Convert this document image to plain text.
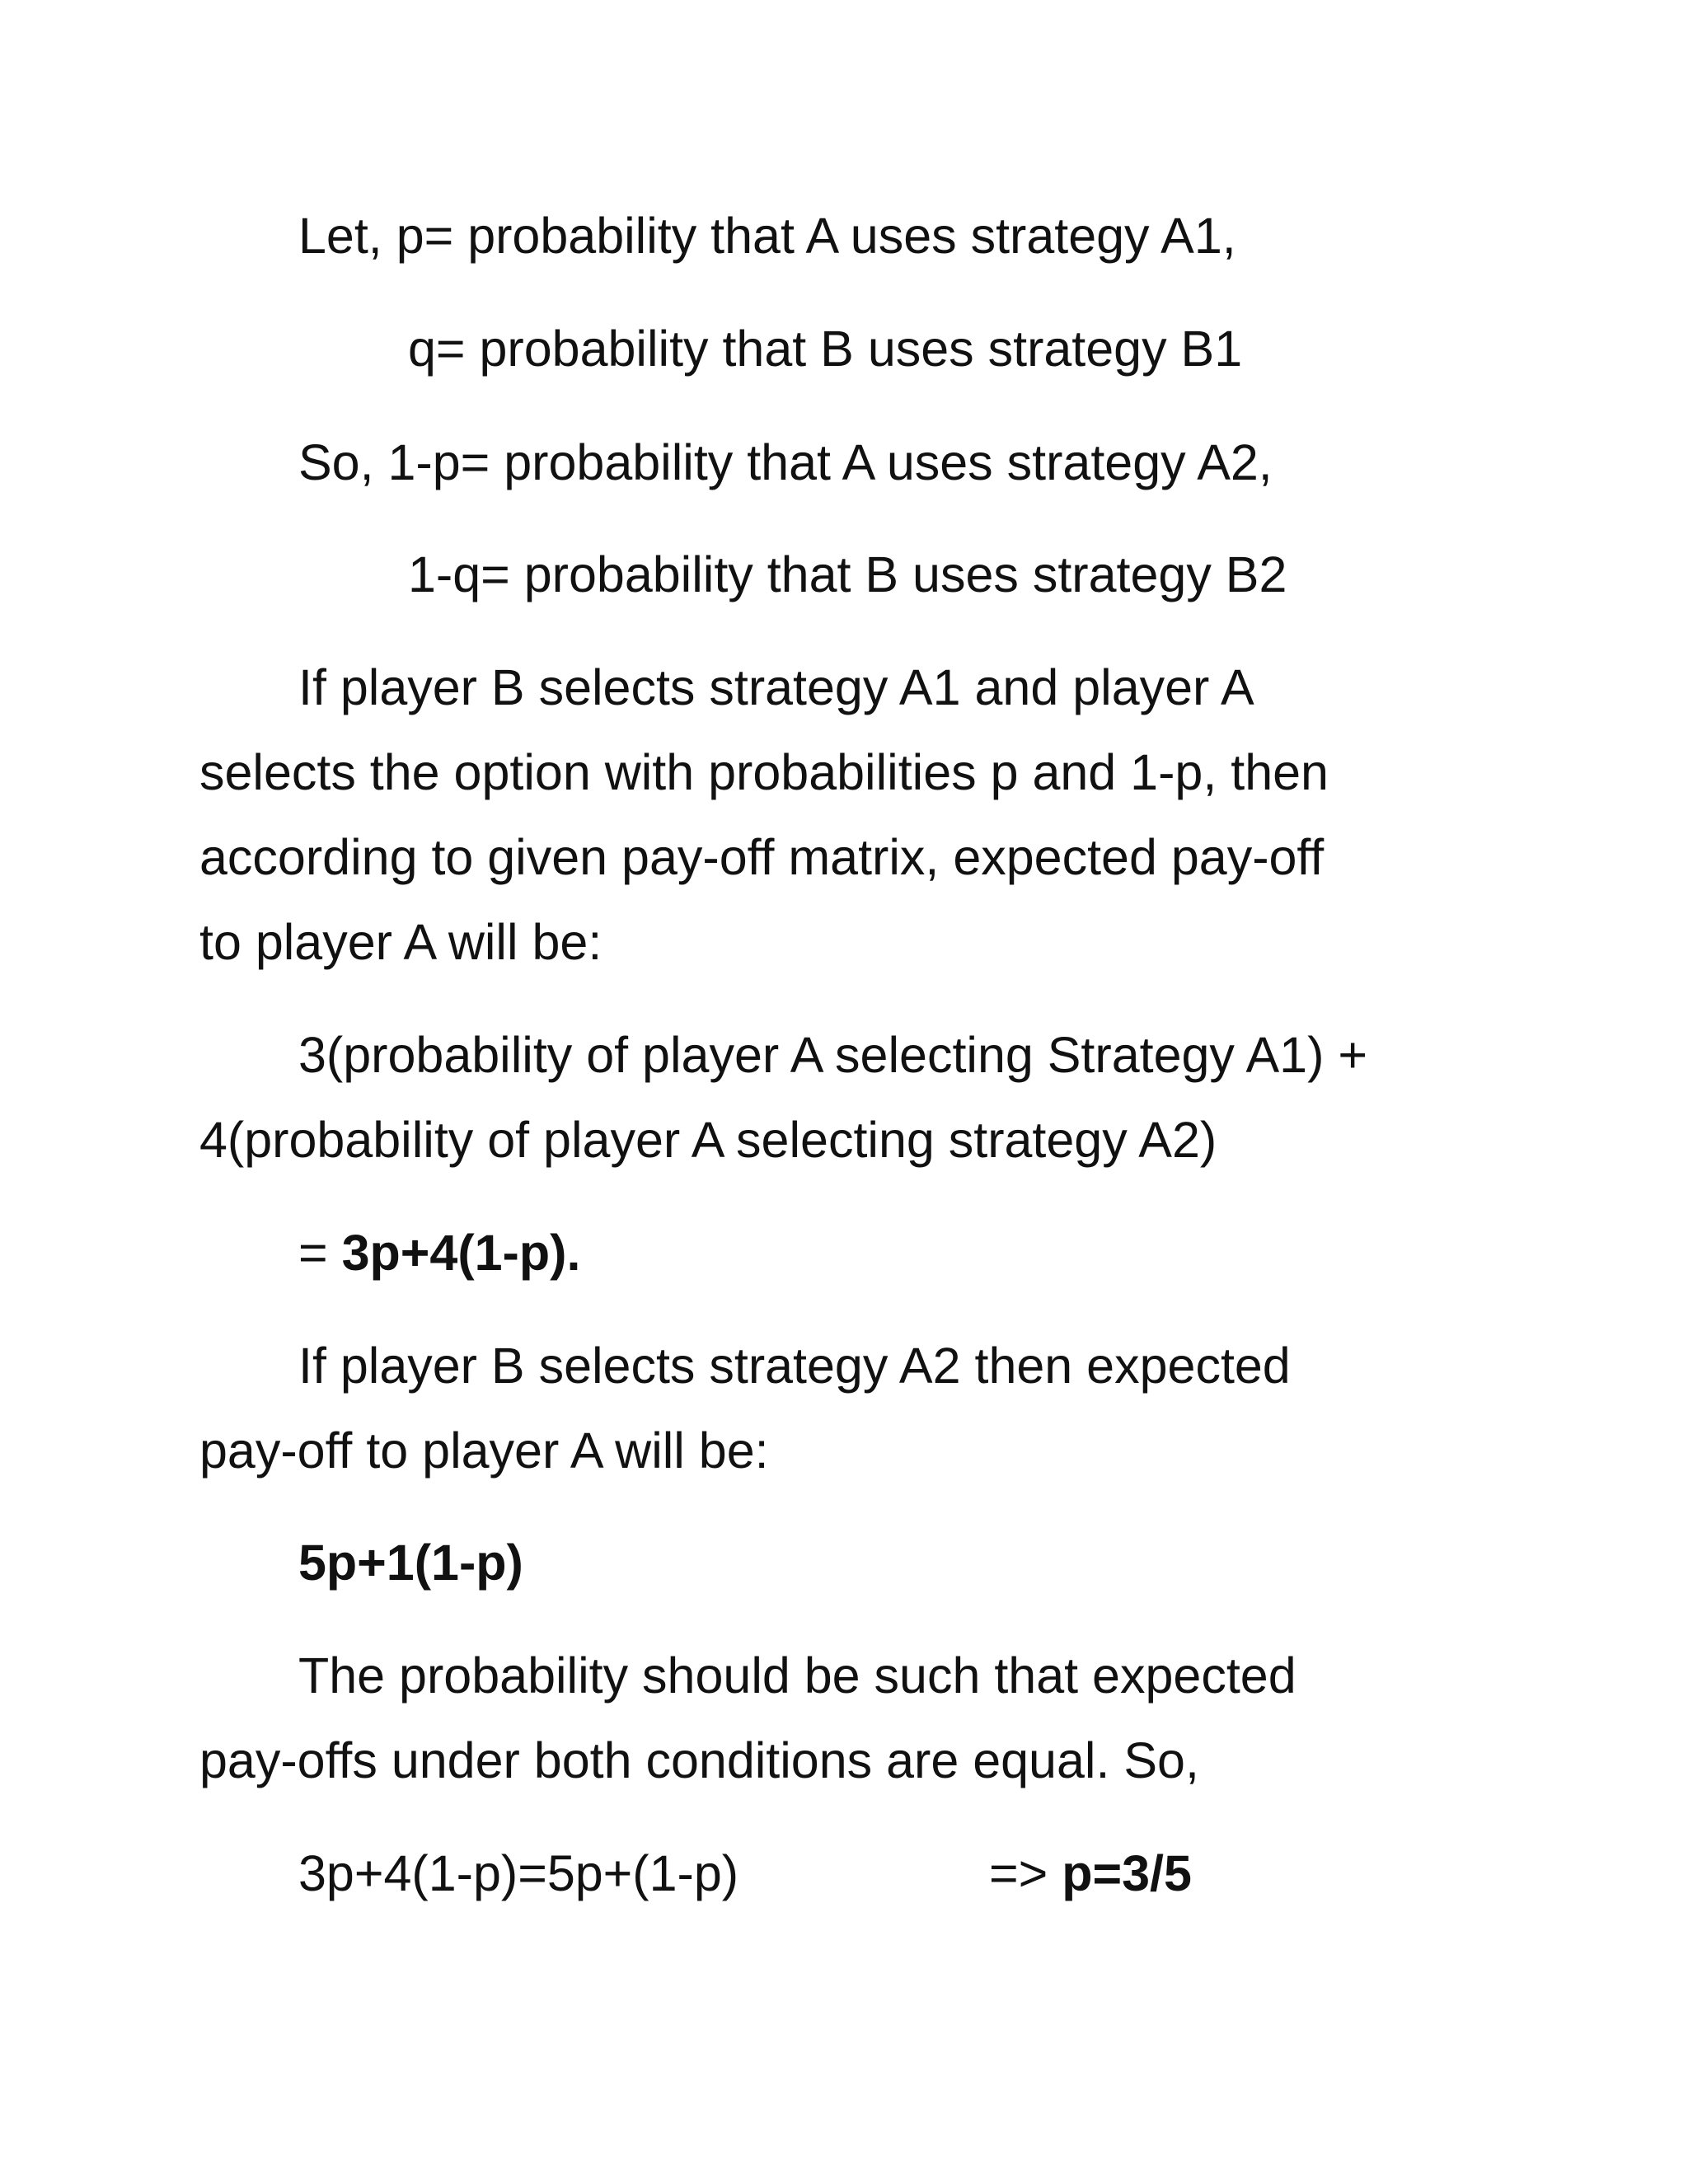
Let, p= probability that A uses strategy A1,
q= probability that B uses strategy B1
So, 1-p= probability that A uses strategy A2,
1-q= probability that B uses strategy B2
If player B selects strategy A1 and player A
selects the option with probabilities p and 1-p, then
according to given pay-off matrix, expected pay-off
to player A will be:
3(probability of player A selecting Strategy A1) +
4(probability of player A selecting strategy A2)
= 3p+4(1-p).
If player B selects strategy A2 then expected
pay-off to player A will be:
5p+1(1-p)
The probability should be such that expected
pay-offs under both conditions are equal. So,
3p+4(1-p)=5p+(1-p)	=> p=3/5
